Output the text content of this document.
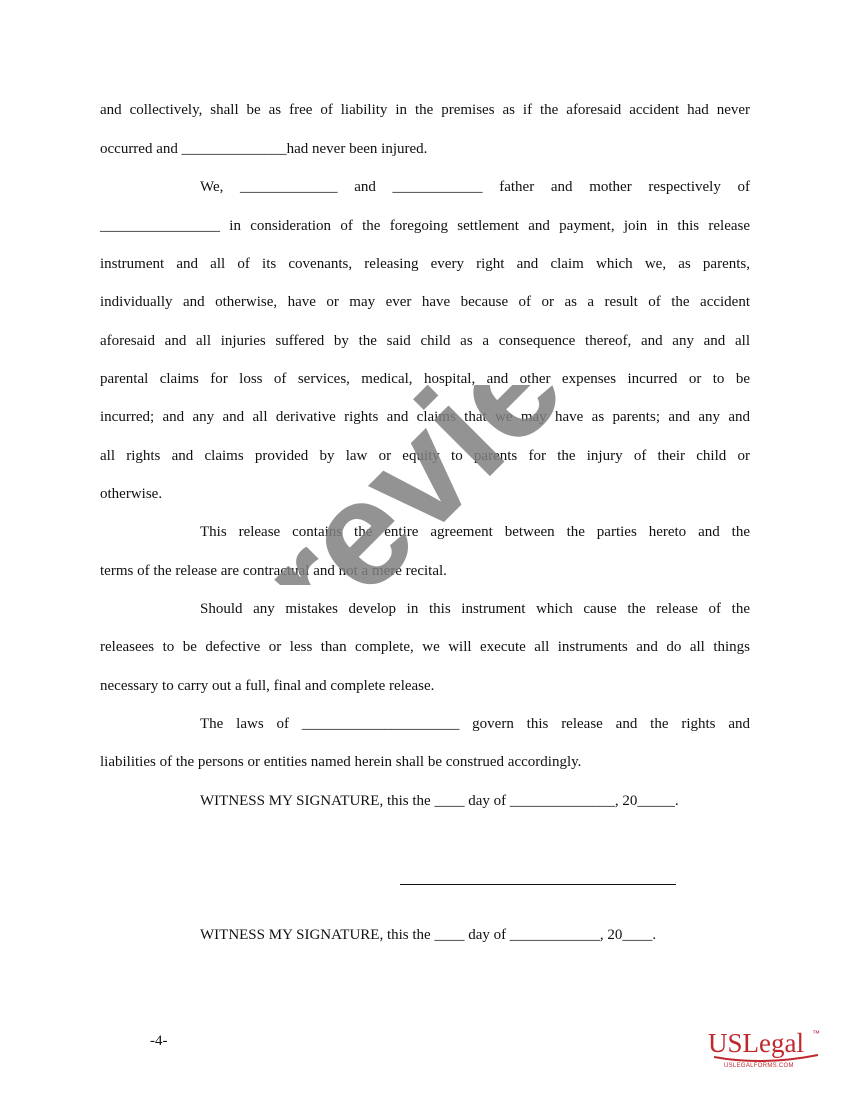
and collectively, shall be as free of liability in the premises as if the aforesaid accident had never
occurred and ______________had never been injured.
We, _____________ and ____________ father and mother respectively of
________________ in consideration of the foregoing settlement and payment, join in this release
instrument and all of its covenants, releasing every right and claim which we, as parents,
individually and otherwise, have or may ever have because of or as a result of the accident
aforesaid and all injuries suffered by the said child as a consequence thereof, and any and all
parental claims for loss of services, medical, hospital, and other expenses incurred or to be
incurred; and any and all derivative rights and claims that we may have as parents; and any and
all rights and claims provided by law or equity to parents for the injury of their child or
otherwise.
This release contains the entire agreement between the parties hereto and the
terms of the release are contractual and not a mere recital.
Should any mistakes develop in this instrument which cause the release of the
releasees to be defective or less than complete, we will execute all instruments and do all things
necessary to carry out a full, final and complete release.
The laws of _____________________ govern this release and the rights and
liabilities of the persons or entities named herein shall be construed accordingly.
WITNESS MY SIGNATURE, this the ____ day of ______________, 20_____.
WITNESS MY SIGNATURE, this the ____ day of ____________, 20____.
-4-	USLegal ™
USLEGALFORMS.COM
